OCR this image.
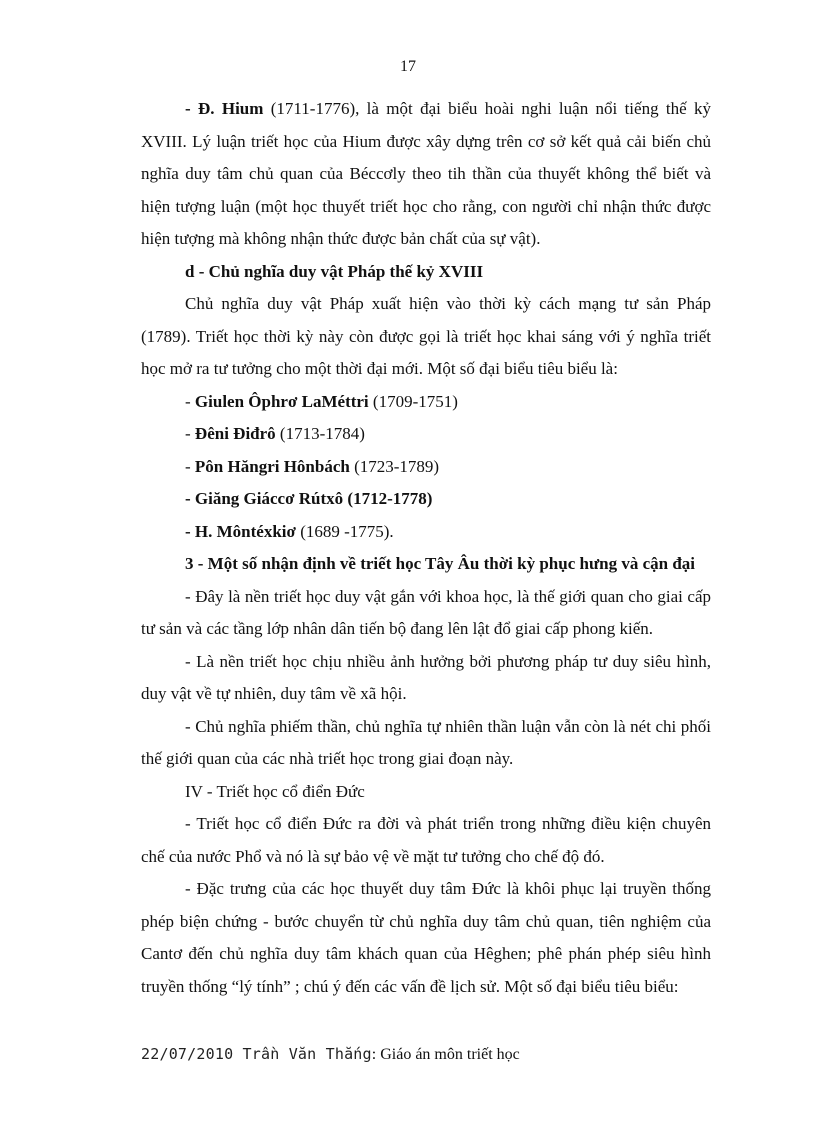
17

- Đ. Hium (1711-1776), là một đại biểu hoài nghi luận nổi tiếng thế kỷ XVIII. Lý luận triết học của Hium được xây dựng trên cơ sở kết quả cải biến chủ nghĩa duy tâm chủ quan của Béccơly theo tih thần của thuyết không thể biết và hiện tượng luận (một học thuyết triết học cho rằng, con người chỉ nhận thức được hiện tượng mà không nhận thức được bản chất của sự vật).

d - Chủ nghĩa duy vật Pháp thế kỷ XVIII

Chủ nghĩa duy vật Pháp xuất hiện vào thời kỳ cách mạng tư sản Pháp (1789). Triết học thời kỳ này còn được gọi là triết học khai sáng với ý nghĩa triết học mở ra tư tưởng cho một thời đại mới. Một số đại biểu tiêu biểu là:

- Giulen Ôphrơ LaMéttri (1709-1751)

- Đêni Điđrô (1713-1784)

- Pôn Hăngri Hônbách (1723-1789)

- Giăng Giáccơ Rútxô (1712-1778)

- H. Môntéxkiơ (1689 -1775).

3 - Một số nhận định về triết học Tây Âu thời kỳ phục hưng và cận đại

- Đây là nền triết học duy vật gắn với khoa học, là thế giới quan cho giai cấp tư sản và các tầng lớp nhân dân tiến bộ đang lên lật đổ giai cấp phong kiến.

- Là nền triết học chịu nhiều ảnh hưởng bởi phương pháp tư duy siêu hình, duy vật về tự nhiên, duy tâm về xã hội.

- Chủ nghĩa phiếm thần, chủ nghĩa tự nhiên thần luận vẫn còn là nét chi phối thế giới quan của các nhà triết học trong giai đoạn này.

IV - Triết học cổ điển Đức

- Triết học cổ điển Đức ra đời và phát triển trong những điều kiện chuyên chế của nước Phổ và nó là sự bảo vệ về mặt tư tưởng cho chế độ đó.

- Đặc trưng của các học thuyết duy tâm Đức là khôi phục lại truyền thống phép biện chứng - bước chuyển từ chủ nghĩa duy tâm chủ quan, tiên nghiệm của Cantơ đến chủ nghĩa duy tâm khách quan của Hêghen; phê phán phép siêu hình truyền thống “lý tính” ; chú ý đến các vấn đề lịch sử. Một số đại biểu tiêu biểu:

22/07/2010 Trần Văn Thắng: Giáo án môn triết học
